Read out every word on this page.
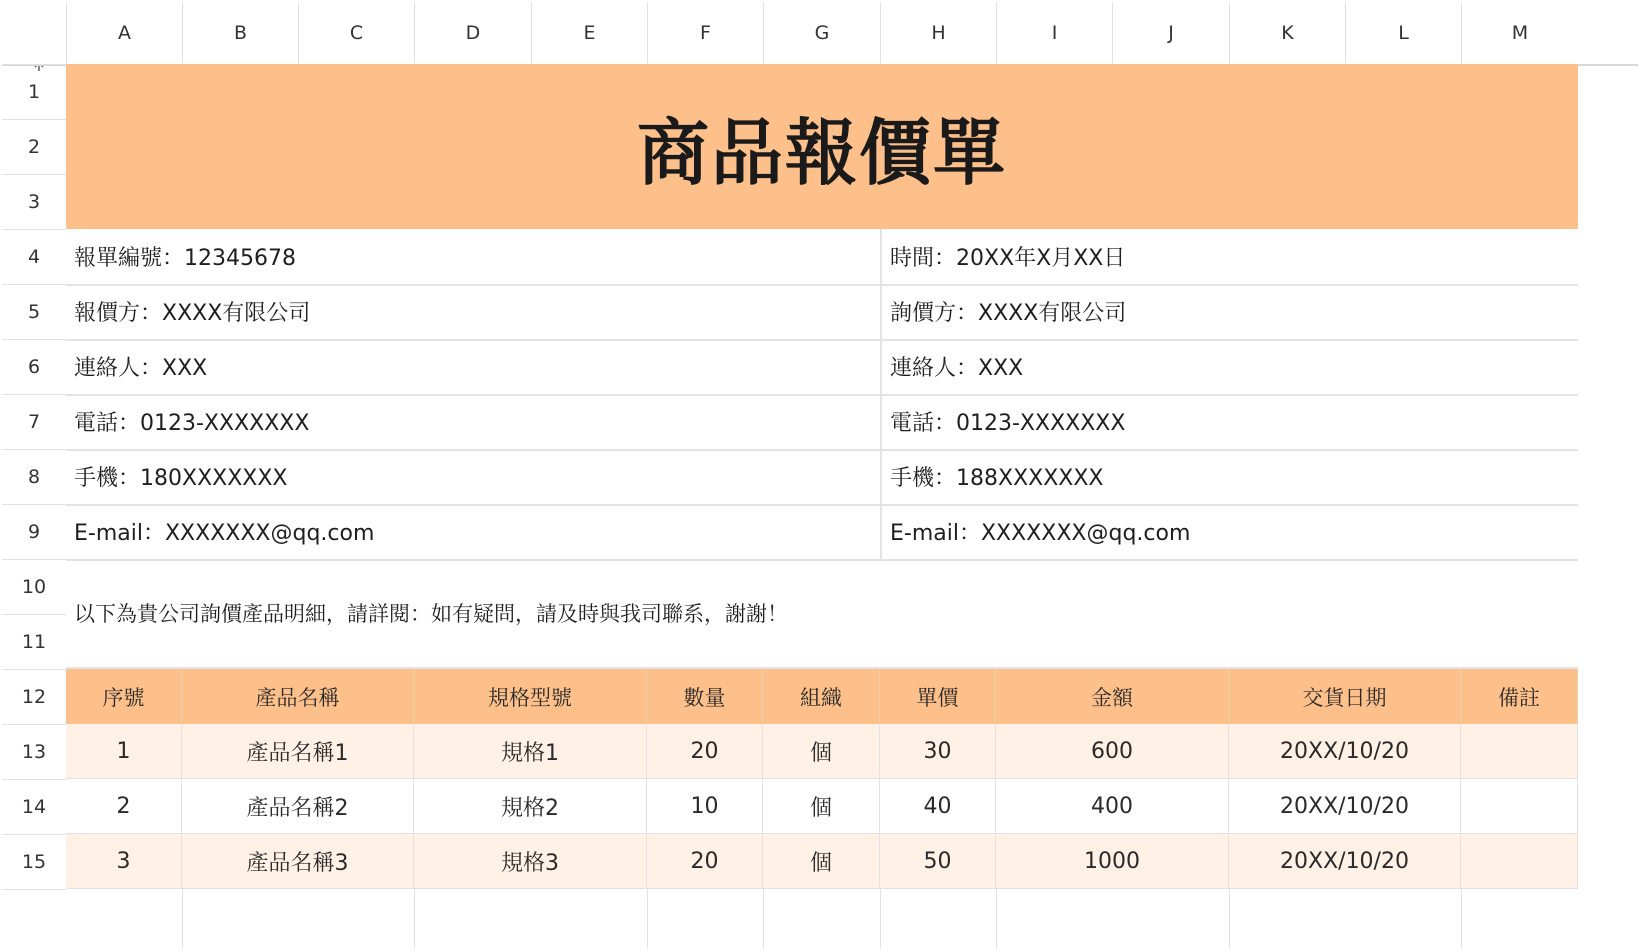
A	B	C	D	E	F	G	H	I	J	K	L	M
1
2
3
4
5
6
7
8
9
10
11
12
13
14
15
商品報價單
報單編號：12345678	時間：20XX年X月XX日
報價方：XXXX有限公司	詢價方：XXXX有限公司
連絡人：XXX	連絡人：XXX
電話：0123-XXXXXXX	電話：0123-XXXXXXX
手機：180XXXXXXX	手機：188XXXXXXX
E-mail：XXXXXXX@qq.com	E-mail：XXXXXXX@qq.com
以下為貴公司詢價產品明細，請詳閱：如有疑問，請及時與我司聯系，謝謝！
序號	產品名稱	規格型號	數量	組織	單價	金額	交貨日期	備註
1	產品名稱1	規格1	20	個	30	600	20XX/10/20
2	產品名稱2	規格2	10	個	40	400	20XX/10/20
3	產品名稱3	規格3	20	個	50	1000	20XX/10/20
